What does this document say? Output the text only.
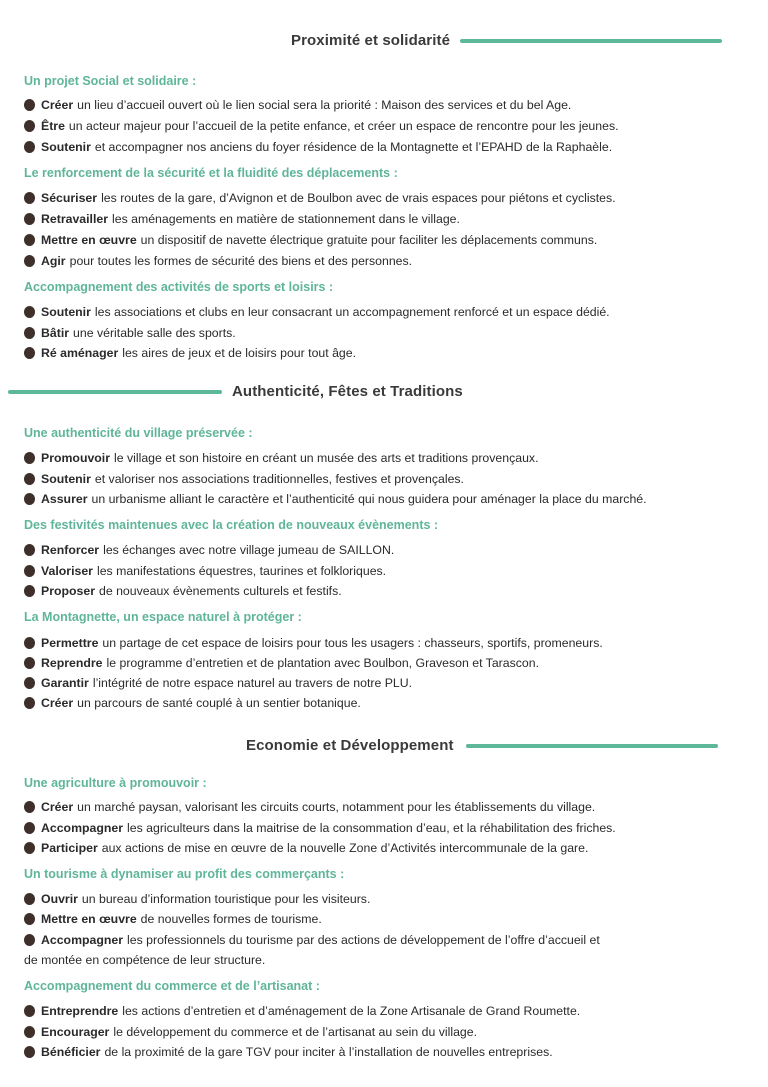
Proximité et solidarité
Un projet Social et solidaire :
Créer un lieu d’accueil ouvert où le lien social sera la priorité : Maison des services et du bel Age.
Être un acteur majeur pour l’accueil de la petite enfance, et créer un espace de rencontre pour les jeunes.
Soutenir et accompagner nos anciens du foyer résidence de la Montagnette et l’EPAHD de la Raphaèle.
Le renforcement de la sécurité et la fluidité des déplacements :
Sécuriser les routes de la gare, d’Avignon et de Boulbon avec de vrais espaces pour piétons et cyclistes.
Retravailler les aménagements en matière de stationnement dans le village.
Mettre en œuvre un dispositif de navette électrique gratuite pour faciliter les déplacements communs.
Agir pour toutes les formes de sécurité des biens et des personnes.
Accompagnement des activités de sports et loisirs :
Soutenir les associations et clubs en leur consacrant un accompagnement renforcé et un espace dédié.
Bâtir une véritable salle des sports.
Ré aménager les aires de jeux et de loisirs pour tout âge.
Authenticité, Fêtes et Traditions
Une authenticité du village préservée :
Promouvoir le village et son histoire en créant un musée des arts et traditions provençaux.
Soutenir et valoriser nos associations traditionnelles, festives et provençales.
Assurer un urbanisme alliant le caractère et l’authenticité qui nous guidera pour aménager la place du marché.
Des festivités maintenues avec la création de nouveaux évènements :
Renforcer les échanges avec notre village jumeau de SAILLON.
Valoriser les manifestations équestres, taurines et folkloriques.
Proposer de nouveaux évènements culturels et festifs.
La Montagnette, un espace naturel à protéger :
Permettre un partage de cet espace de loisirs pour tous les usagers : chasseurs, sportifs, promeneurs.
Reprendre le programme d’entretien et de plantation avec Boulbon, Graveson et Tarascon.
Garantir l’intégrité de notre espace naturel au travers de notre PLU.
Créer un parcours de santé couplé à un sentier botanique.
Economie et Développement
Une agriculture à promouvoir :
Créer un marché paysan, valorisant les circuits courts, notamment pour les établissements du village.
Accompagner les agriculteurs dans la maitrise de la consommation d’eau, et la réhabilitation des friches.
Participer aux actions de mise en œuvre de la nouvelle Zone d’Activités intercommunale de la gare.
Un tourisme à dynamiser au profit des commerçants :
Ouvrir un bureau d’information touristique pour les visiteurs.
Mettre en œuvre de nouvelles formes de tourisme.
Accompagner les professionnels du tourisme par des actions de développement de l’offre d’accueil et
de montée en compétence de leur structure.
Accompagnement du commerce et de l’artisanat :
Entreprendre les actions d’entretien et d’aménagement de la Zone Artisanale de Grand Roumette.
Encourager le développement du commerce et de l’artisanat au sein du village.
Bénéficier de la proximité de la gare TGV pour inciter à l’installation de nouvelles entreprises.
